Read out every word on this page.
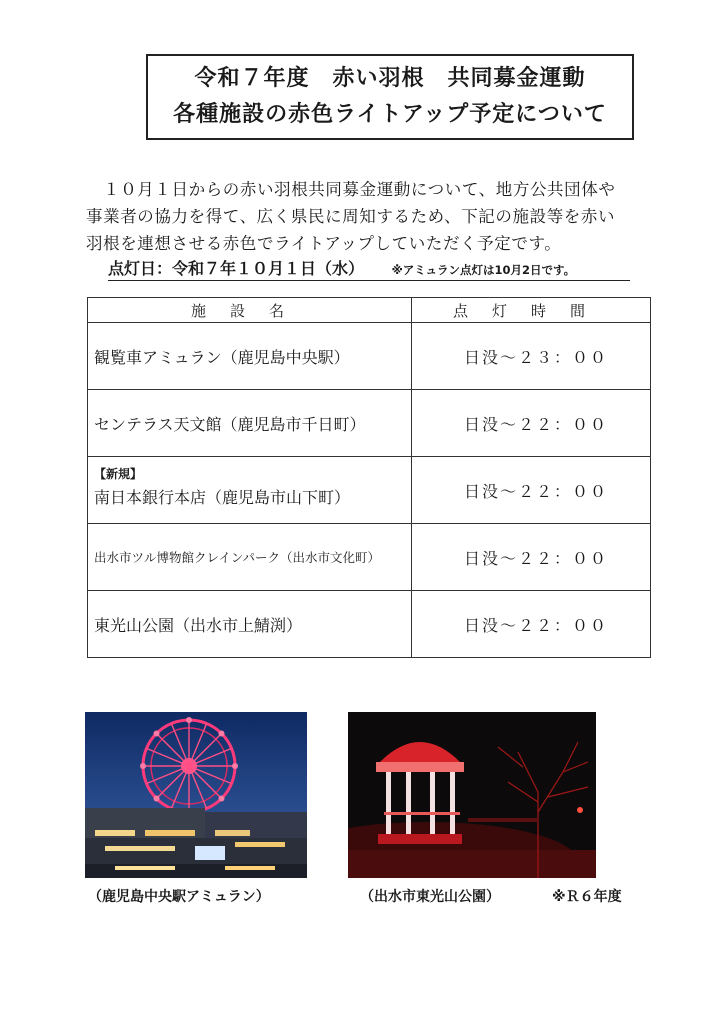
令和７年度　赤い羽根　共同募金運動
各種施設の赤色ライトアップ予定について

　１０月１日からの赤い羽根共同募金運動について、地方公共団体や

事業者の協力を得て、広く県民に周知するため、下記の施設等を赤い

羽根を連想させる赤色でライトアップしていただく予定です。

点灯日：令和７年１０月１日（水） ※アミュラン点灯は10月2日です。
施設名	点灯時間
観覧車アミュラン（鹿児島中央駅）	日没～２３：００
センテラス天文館（鹿児島市千日町）	日没～２２：００

【新規】
南日本銀行本店（鹿児島市山下町）	日没～２２：００
出水市ツル博物館クレインパーク（出水市文化町）	日没～２２：００
東光山公園（出水市上鯖渕）	日没～２２：００
（鹿児島中央駅アミュラン）	（出水市東光山公園）	※Ｒ６年度
